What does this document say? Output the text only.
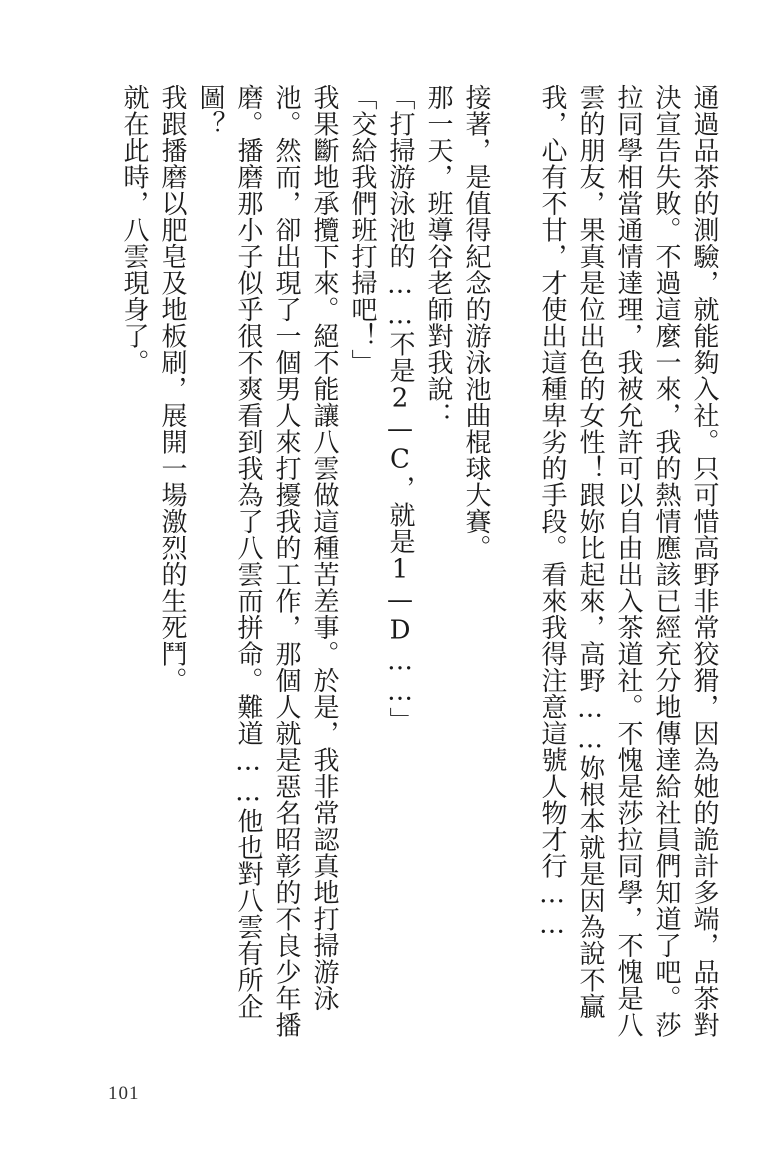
通過品茶的測驗，就能夠入社。只可惜高野非常狡猾，因為她的詭計多端，品茶對決宣告失敗。不過這麼一來，我的熱情應該已經充分地傳達給社員們知道了吧。莎拉同學相當通情達理，我被允許可以自由出入茶道社。不愧是莎拉同學，不愧是八雲的朋友，果真是位出色的女性！跟妳比起來，高野……妳根本就是因為說不贏我，心有不甘，才使出這種卑劣的手段。看來我得注意這號人物才行……

接著，是值得紀念的游泳池曲棍球大賽。

那一天，班導谷老師對我說：

「打掃游泳池的……不是2—C，就是1—D……」

「交給我們班打掃吧！」

我果斷地承攬下來。絕不能讓八雲做這種苦差事。於是，我非常認真地打掃游泳池。然而，卻出現了一個男人來打擾我的工作，那個人就是惡名昭彰的不良少年播磨。播磨那小子似乎很不爽看到我為了八雲而拼命。難道……他也對八雲有所企圖？

我跟播磨以肥皂及地板刷，展開一場激烈的生死鬥。

就在此時，八雲現身了。

101
